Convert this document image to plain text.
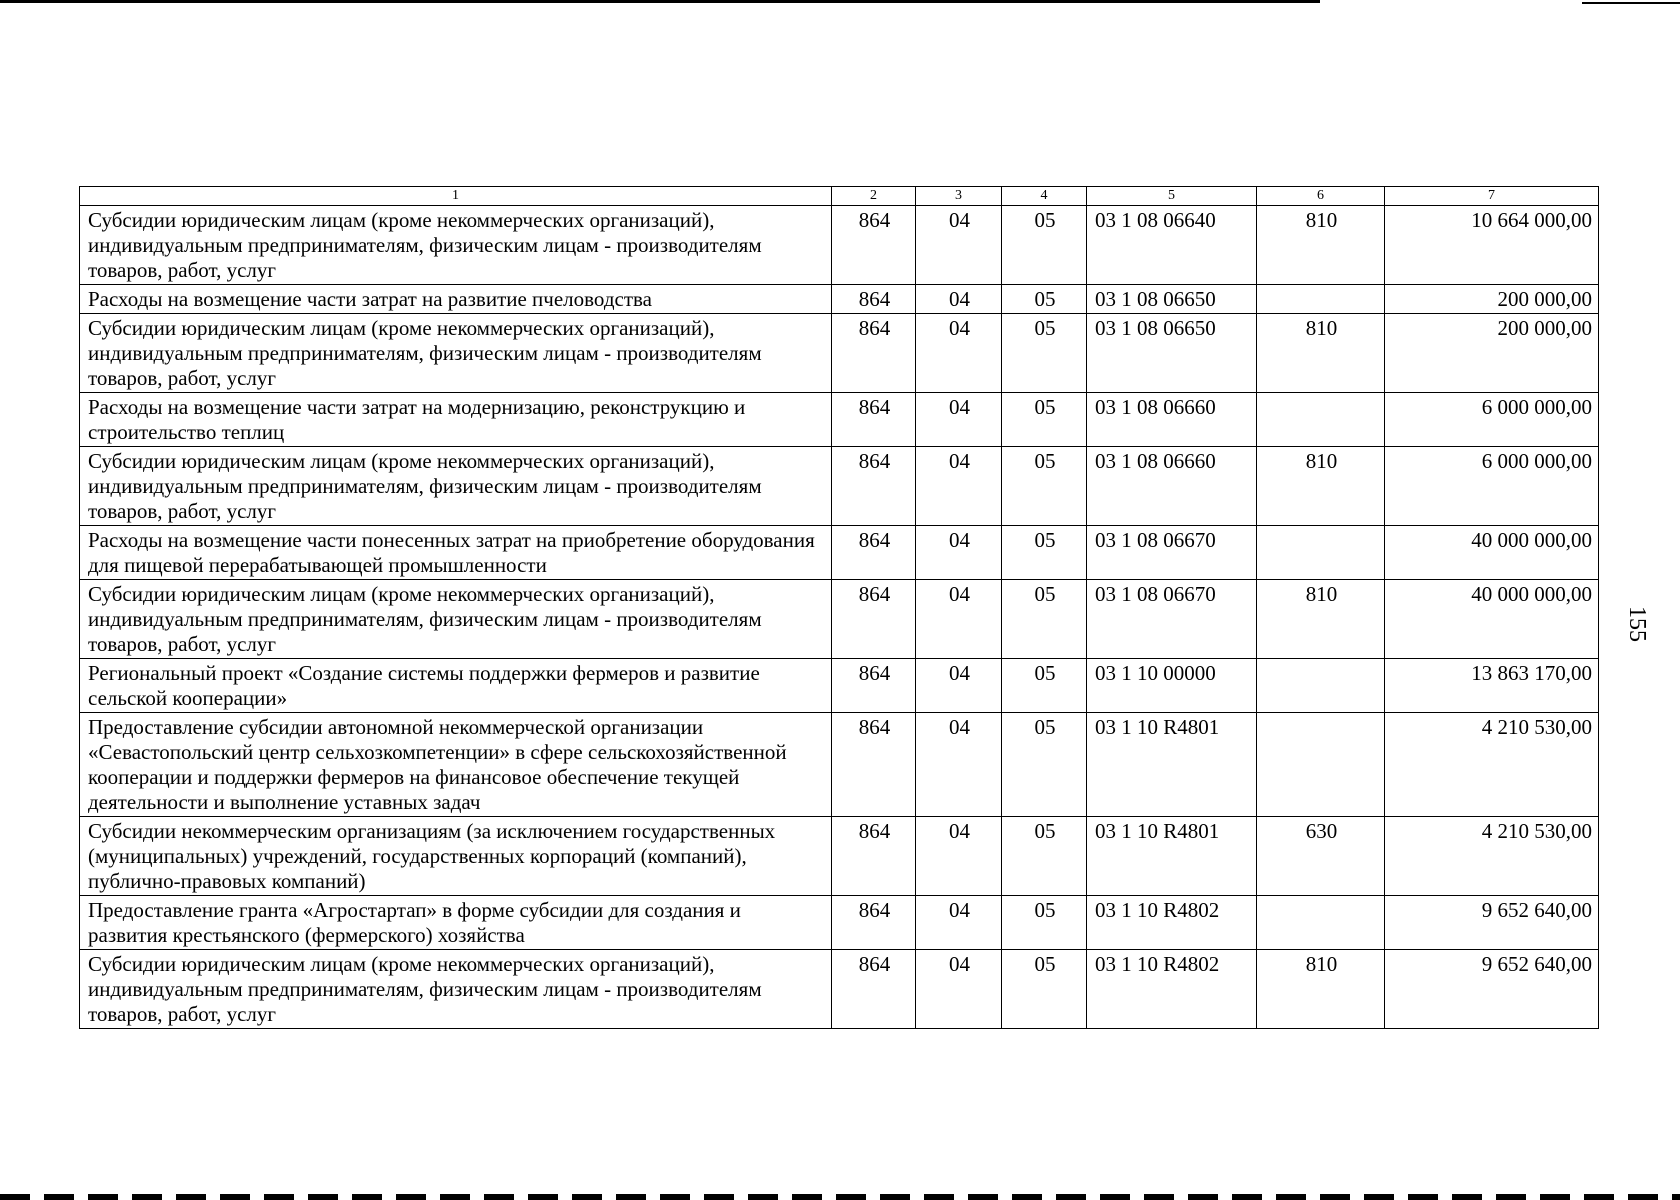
1	2	3	4	5	6	7
Субсидии юридическим лицам (кроме некоммерческих организаций), индивидуальным предпринимателям, физическим лицам - производителям товаров, работ, услуг	864	04	05	03 1 08 06640	810	10 664 000,00
Расходы на возмещение части затрат на развитие пчеловодства	864	04	05	03 1 08 06650		200 000,00
Субсидии юридическим лицам (кроме некоммерческих организаций), индивидуальным предпринимателям, физическим лицам - производителям товаров, работ, услуг	864	04	05	03 1 08 06650	810	200 000,00
Расходы на возмещение части затрат на модернизацию, реконструкцию и строительство теплиц	864	04	05	03 1 08 06660		6 000 000,00
Субсидии юридическим лицам (кроме некоммерческих организаций), индивидуальным предпринимателям, физическим лицам - производителям товаров, работ, услуг	864	04	05	03 1 08 06660	810	6 000 000,00
Расходы на возмещение части понесенных затрат на приобретение оборудования для пищевой перерабатывающей промышленности	864	04	05	03 1 08 06670		40 000 000,00
Субсидии юридическим лицам (кроме некоммерческих организаций), индивидуальным предпринимателям, физическим лицам - производителям товаров, работ, услуг	864	04	05	03 1 08 06670	810	40 000 000,00
Региональный проект «Создание системы поддержки фермеров и развитие сельской кооперации»	864	04	05	03 1 10 00000		13 863 170,00
Предоставление субсидии автономной некоммерческой организации «Севастопольский центр сельхозкомпетенции» в сфере сельскохозяйственной кооперации и поддержки фермеров на финансовое обеспечение текущей деятельности и выполнение уставных задач	864	04	05	03 1 10 R4801		4 210 530,00
Субсидии некоммерческим организациям (за исключением государственных (муниципальных) учреждений, государственных корпораций (компаний), публично-правовых компаний)	864	04	05	03 1 10 R4801	630	4 210 530,00
Предоставление гранта «Агростартап» в форме субсидии для создания и развития крестьянского (фермерского) хозяйства	864	04	05	03 1 10 R4802		9 652 640,00
Субсидии юридическим лицам (кроме некоммерческих организаций), индивидуальным предпринимателям, физическим лицам - производителям товаров, работ, услуг	864	04	05	03 1 10 R4802	810	9 652 640,00
155
